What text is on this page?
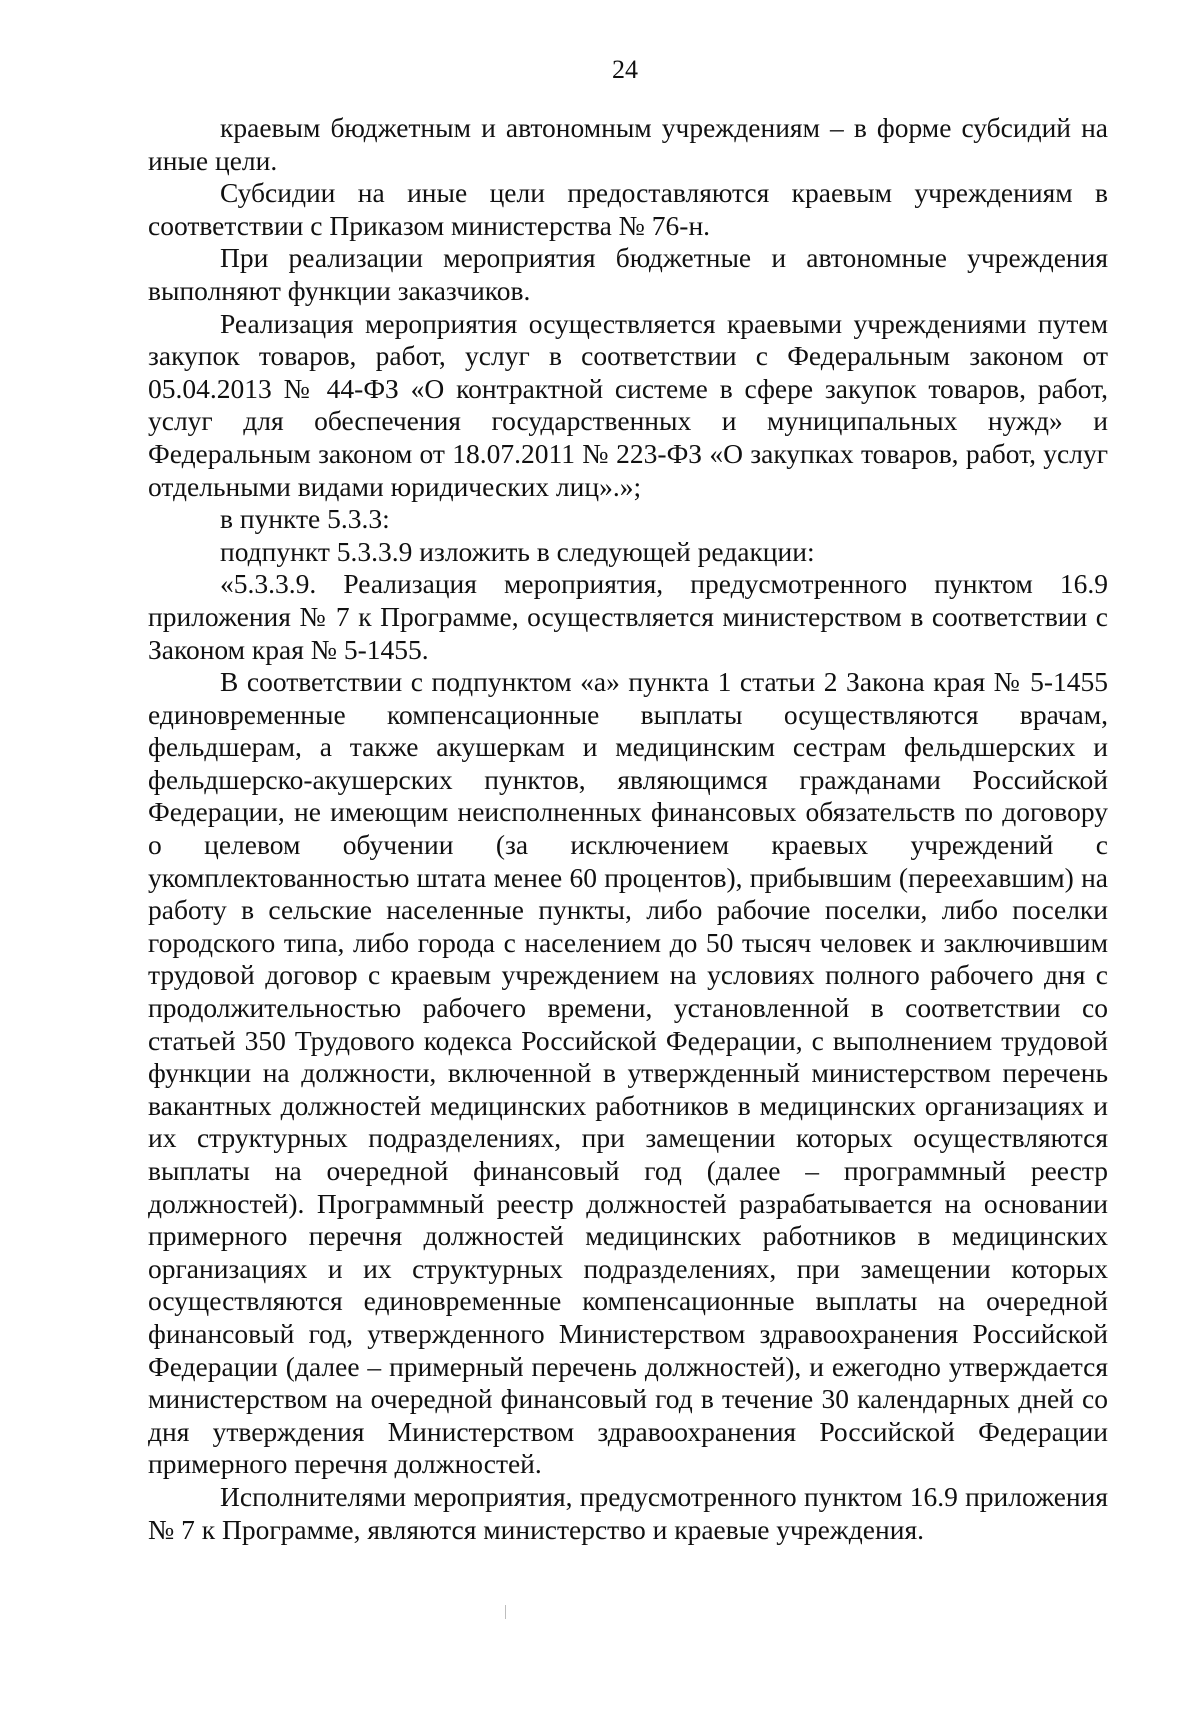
24

краевым бюджетным и автономным учреждениям – в форме субсидий на иные цели.

Субсидии на иные цели предоставляются краевым учреждениям в соответствии с Приказом министерства № 76-н.

При реализации мероприятия бюджетные и автономные учреждения выполняют функции заказчиков.

Реализация мероприятия осуществляется краевыми учреждениями путем закупок товаров, работ, услуг в соответствии с Федеральным законом от 05.04.2013 № 44-ФЗ «О контрактной системе в сфере закупок товаров, работ, услуг для обеспечения государственных и муниципальных нужд» и Федеральным законом от 18.07.2011 № 223-ФЗ «О закупках товаров, работ, услуг отдельными видами юридических лиц».»;

в пункте 5.3.3:

подпункт 5.3.3.9 изложить в следующей редакции:

«5.3.3.9. Реализация мероприятия, предусмотренного пунктом 16.9 приложения № 7 к Программе, осуществляется министерством в соответствии с Законом края № 5-1455.

В соответствии с подпунктом «а» пункта 1 статьи 2 Закона края № 5-1455 единовременные компенсационные выплаты осуществляются врачам, фельдшерам, а также акушеркам и медицинским сестрам фельдшерских и фельдшерско-акушерских пунктов, являющимся гражданами Российской Федерации, не имеющим неисполненных финансовых обязательств по договору о целевом обучении (за исключением краевых учреждений с укомплектованностью штата менее 60 процентов), прибывшим (переехавшим) на работу в сельские населенные пункты, либо рабочие поселки, либо поселки городского типа, либо города с населением до 50 тысяч человек и заключившим трудовой договор с краевым учреждением на условиях полного рабочего дня с продолжительностью рабочего времени, установленной в соответствии со статьей 350 Трудового кодекса Российской Федерации, с выполнением трудовой функции на должности, включенной в утвержденный министерством перечень вакантных должностей медицинских работников в медицинских организациях и их структурных подразделениях, при замещении которых осуществляются выплаты на очередной финансовый год (далее – программный реестр должностей). Программный реестр должностей разрабатывается на основании примерного перечня должностей медицинских работников в медицинских организациях и их структурных подразделениях, при замещении которых осуществляются единовременные компенсационные выплаты на очередной финансовый год, утвержденного Министерством здравоохранения Российской Федерации (далее – примерный перечень должностей), и ежегодно утверждается министерством на очередной финансовый год в течение 30 календарных дней со дня утверждения Министерством здравоохранения Российской Федерации примерного перечня должностей.

Исполнителями мероприятия, предусмотренного пунктом 16.9 приложения № 7 к Программе, являются министерство и краевые учреждения.
